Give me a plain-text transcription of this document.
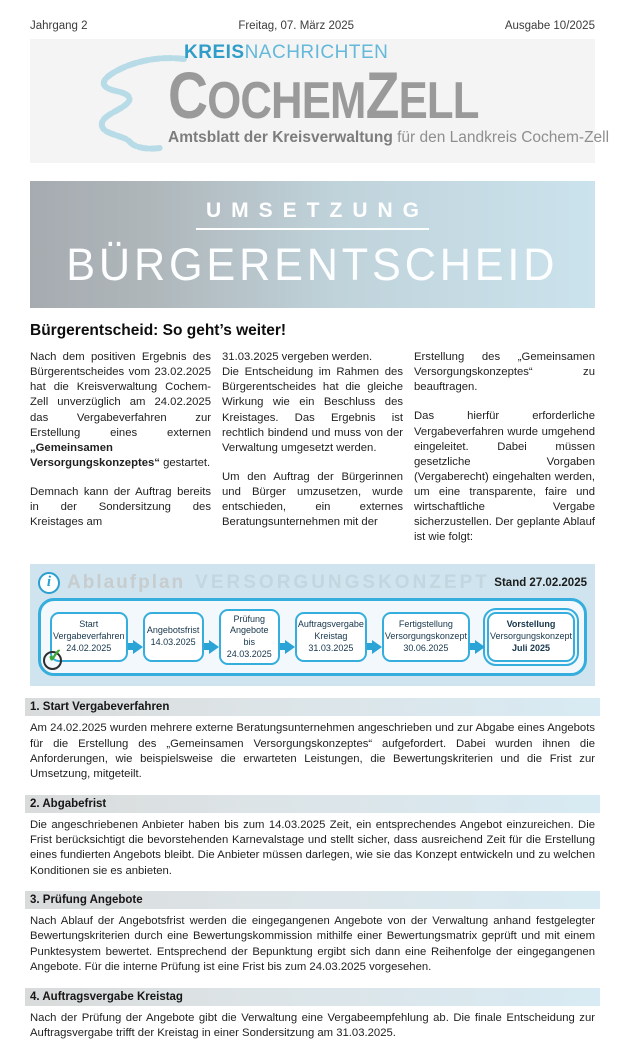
Jahrgang 2	Freitag, 07. März 2025	Ausgabe 10/2025
KREISNACHRICHTEN
COCHEMZELL
Amtsblatt der Kreisverwaltung für den Landkreis Cochem-Zell
UMSETZUNG
BÜRGERENTSCHEID
Bürgerentscheid: So geht’s weiter!

Nach dem positiven Ergebnis des Bürgerentscheides vom 23.02.2025 hat die Kreisverwaltung Cochem-Zell unverzüglich am 24.02.2025 das Vergabeverfahren zur Erstellung eines externen „Gemeinsamen Versorgungskonzeptes“ gestartet.

Demnach kann der Auftrag bereits in der Sondersitzung des Kreistages am

31.03.2025 vergeben werden.

Die Entscheidung im Rahmen des Bürgerentscheides hat die gleiche Wirkung wie ein Beschluss des Kreistages. Das Ergebnis ist rechtlich bindend und muss von der Verwaltung umgesetzt werden.

Um den Auftrag der Bürgerinnen und Bürger umzusetzen, wurde entschieden, ein externes Beratungsunternehmen mit der

Erstellung des „Gemeinsamen Versorgungskonzeptes“ zu beauftragen.

Das hierfür erforderliche Vergabeverfahren wurde umgehend eingeleitet. Dabei müssen gesetzliche Vorgaben (Vergaberecht) eingehalten werden, um eine transparente, faire und wirtschaftliche Vergabe sicherzustellen. Der geplante Ablauf ist wie folgt:

i Ablaufplan VERSORGUNGSKONZEPT Stand 27.02.2025
Start
Vergabeverfahren
24.02.2025
✓
Angebotsfrist
14.03.2025
Prüfung Angebote
bis 24.03.2025
Auftragsvergabe
Kreistag
31.03.2025
Fertigstellung
Versorgungskonzept
30.06.2025
Vorstellung
Versorgungskonzept
Juli 2025
1. Start Vergabeverfahren
Am 24.02.2025 wurden mehrere externe Beratungsunternehmen angeschrieben und zur Abgabe eines Angebots für die Erstellung des „Gemeinsamen Versorgungskonzeptes“ aufgefordert. Dabei wurden ihnen die Anforderungen, wie beispielsweise die erwarteten Leistungen, die Bewertungskriterien und die Frist zur Umsetzung, mitgeteilt.
2. Abgabefrist
Die angeschriebenen Anbieter haben bis zum 14.03.2025 Zeit, ein entsprechendes Angebot einzureichen. Die Frist berücksichtigt die bevorstehenden Karnevalstage und stellt sicher, dass ausreichend Zeit für die Erstellung eines fundierten Angebots bleibt. Die Anbieter müssen darlegen, wie sie das Konzept entwickeln und zu welchen Konditionen sie es anbieten.
3. Prüfung Angebote
Nach Ablauf der Angebotsfrist werden die eingegangenen Angebote von der Verwaltung anhand festgelegter Bewertungskriterien durch eine Bewertungskommission mithilfe einer Bewertungsmatrix geprüft und mit einem Punktesystem bewertet. Entsprechend der Bepunktung ergibt sich dann eine Reihenfolge der eingegangenen Angebote. Für die interne Prüfung ist eine Frist bis zum 24.03.2025 vorgesehen.
4. Auftragsvergabe Kreistag
Nach der Prüfung der Angebote gibt die Verwaltung eine Vergabeempfehlung ab. Die finale Entscheidung zur Auftragsvergabe trifft der Kreistag in einer Sondersitzung am 31.03.2025.
